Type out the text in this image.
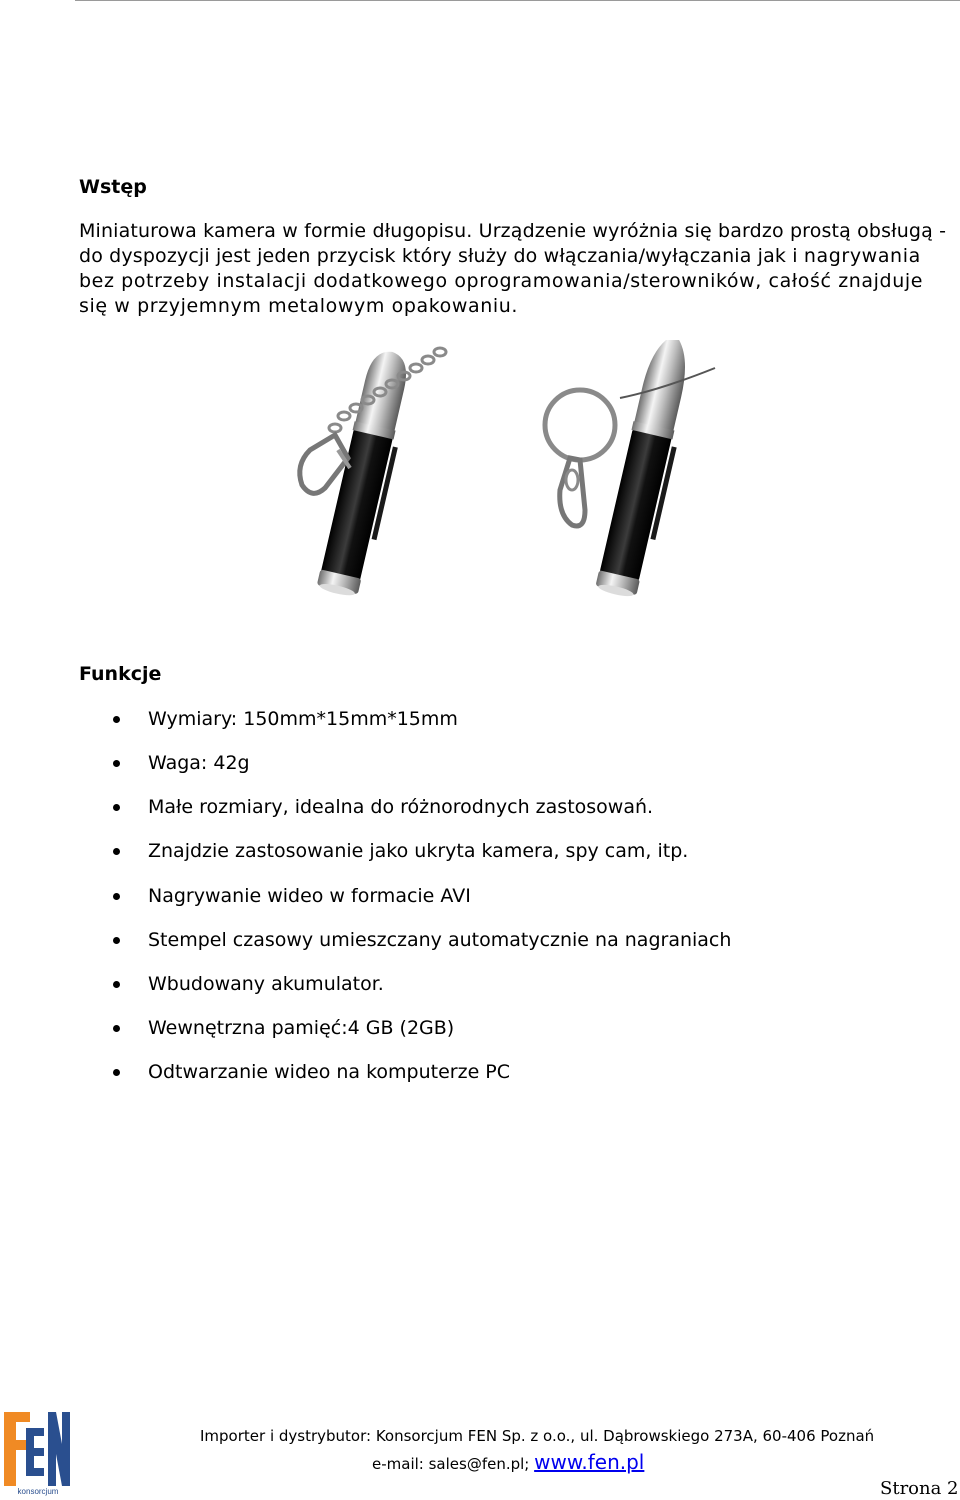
Wstęp

Miniaturowa kamera w formie długopisu. Urządzenie wyróżnia się bardzo prostą obsługą - do dyspozycji jest jeden przycisk który służy do włączania/wyłączania jak i nagrywania bez potrzeby instalacji dodatkowego oprogramowania/sterowników, całość znajduje się w przyjemnym metalowym opakowaniu.

Funkcje
Wymiary: 150mm*15mm*15mm
Waga: 42g
Małe rozmiary, idealna do różnorodnych zastosowań.
Znajdzie zastosowanie jako ukryta kamera, spy cam, itp.
Nagrywanie wideo w formacie AVI
Stempel czasowy umieszczany automatycznie na nagraniach
Wbudowany akumulator.
Wewnętrzna pamięć:4 GB (2GB)
Odtwarzanie wideo na komputerze PC
konsorcjum
Importer i dystrybutor: Konsorcjum FEN Sp. z o.o., ul. Dąbrowskiego 273A, 60-406 Poznań
e-mail: sales@fen.pl; www.fen.pl
Strona 2
